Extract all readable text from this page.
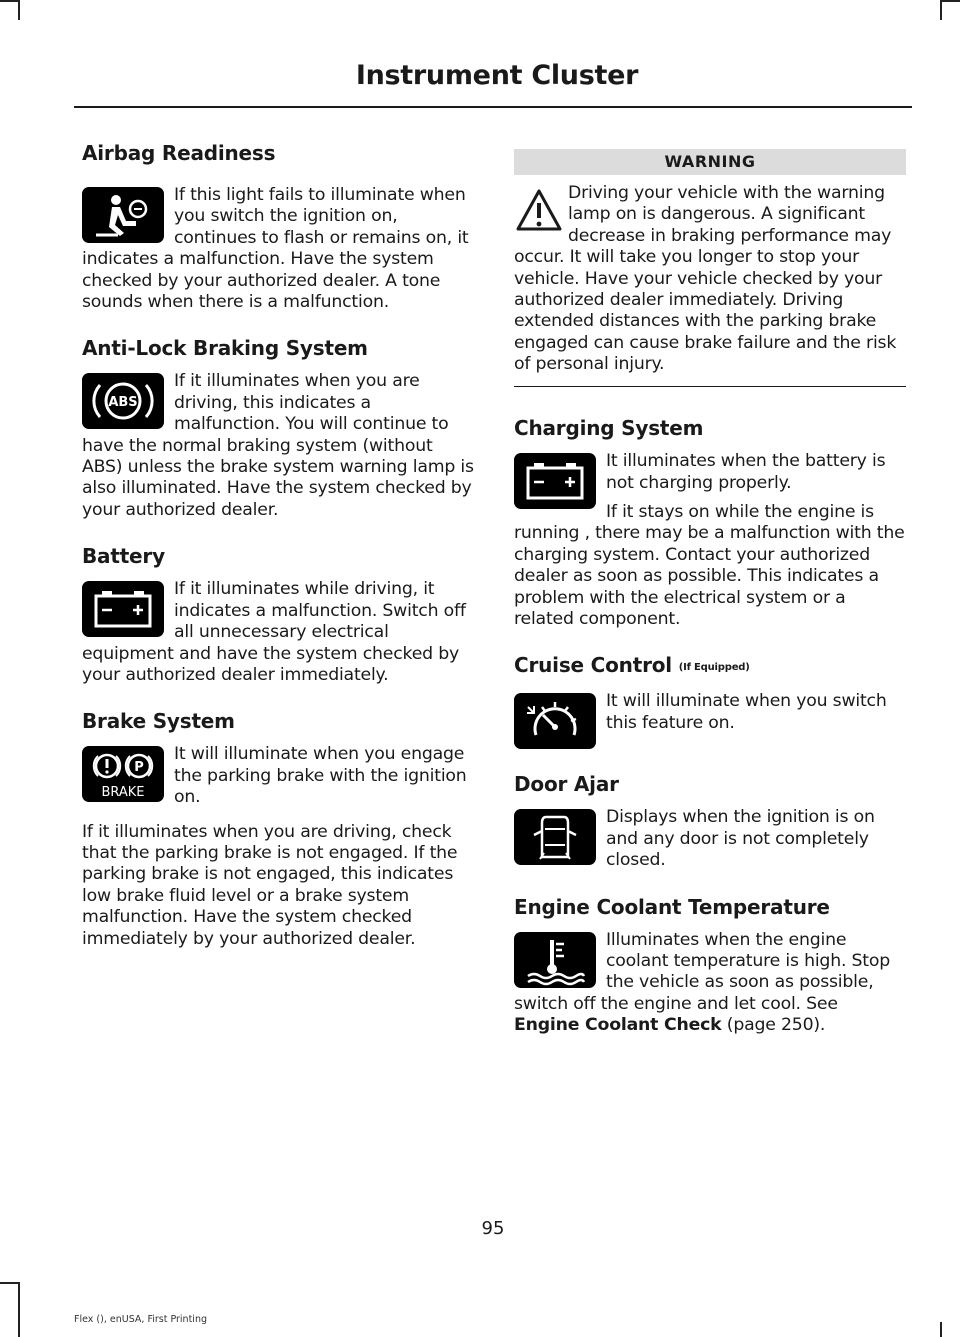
Instrument Cluster
Airbag Readiness

If this light fails to illuminate when you switch the ignition on, continues to flash or remains on, it indicates a malfunction. Have the system checked by your authorized dealer. A tone sounds when there is a malfunction.

Anti-Lock Braking System
ABS

If it illuminates when you are driving, this indicates a malfunction. You will continue to have the normal braking system (without ABS) unless the brake system warning lamp is also illuminated. Have the system checked by your authorized dealer.

Battery

If it illuminates while driving, it indicates a malfunction. Switch off all unnecessary electrical equipment and have the system checked by your authorized dealer immediately.

Brake System
P
BRAKE

It will illuminate when you engage the parking brake with the ignition on.

If it illuminates when you are driving, check that the parking brake is not engaged. If the parking brake is not engaged, this indicates low brake fluid level or a brake system malfunction. Have the system checked immediately by your authorized dealer.

WARNING

Driving your vehicle with the warning lamp on is dangerous. A significant decrease in braking performance may occur. It will take you longer to stop your vehicle. Have your vehicle checked by your authorized dealer immediately. Driving extended distances with the parking brake engaged can cause brake failure and the risk of personal injury.

Charging System

It illuminates when the battery is not charging properly.

If it stays on while the engine is running , there may be a malfunction with the charging system. Contact your authorized dealer as soon as possible. This indicates a problem with the electrical system or a related component.

Cruise Control (If Equipped)

It will illuminate when you switch this feature on.

Door Ajar

Displays when the ignition is on and any door is not completely closed.

Engine Coolant Temperature

Illuminates when the engine coolant temperature is high. Stop the vehicle as soon as possible, switch off the engine and let cool. See Engine Coolant Check (page 250).

95
Flex (), enUSA, First Printing
